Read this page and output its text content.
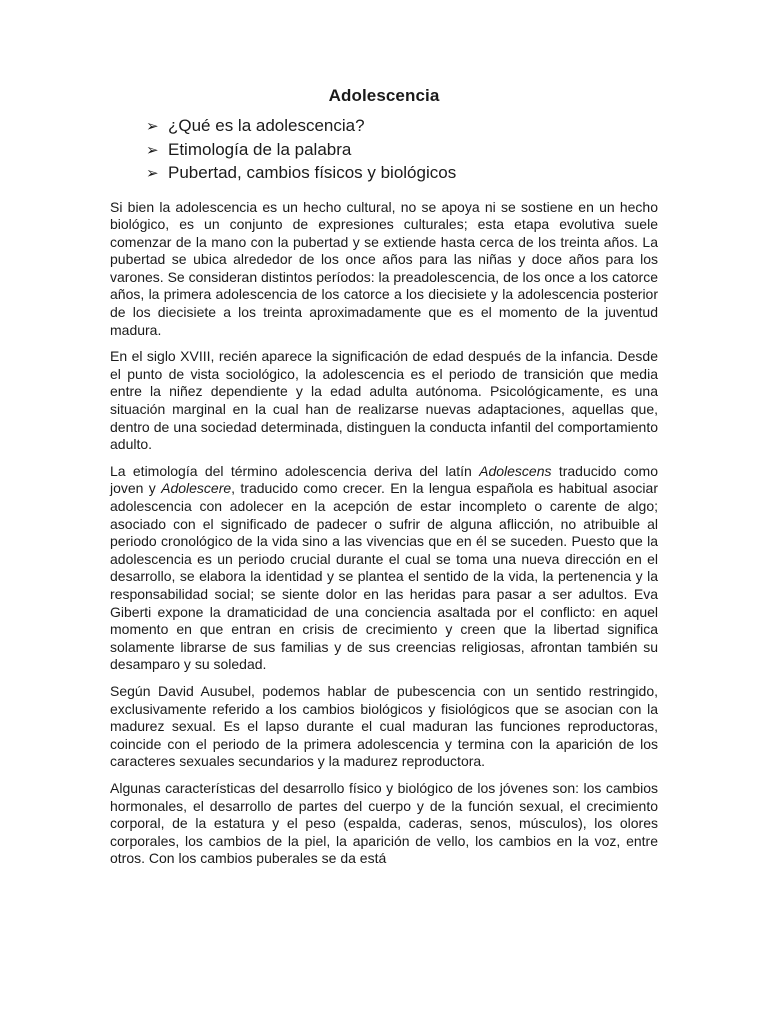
Adolescencia
➢ ¿Qué es la adolescencia?
➢ Etimología de la palabra
➢ Pubertad, cambios físicos y biológicos

Si bien la adolescencia es un hecho cultural, no se apoya ni se sostiene en un hecho biológico, es un conjunto de expresiones culturales; esta etapa evolutiva suele comenzar de la mano con la pubertad y se extiende hasta cerca de los treinta años. La pubertad se ubica alrededor de los once años para las niñas y doce años para los varones. Se consideran distintos períodos: la preadolescencia, de los once a los catorce años, la primera adolescencia de los catorce a los diecisiete y la adolescencia posterior de los diecisiete a los treinta aproximadamente que es el momento de la juventud madura.

En el siglo XVIII, recién aparece la significación de edad después de la infancia. Desde el punto de vista sociológico, la adolescencia es el periodo de transición que media entre la niñez dependiente y la edad adulta autónoma. Psicológicamente, es una situación marginal en la cual han de realizarse nuevas adaptaciones, aquellas que, dentro de una sociedad determinada, distinguen la conducta infantil del comportamiento adulto.

La etimología del término adolescencia deriva del latín Adolescens traducido como joven y Adolescere, traducido como crecer. En la lengua española es habitual asociar adolescencia con adolecer en la acepción de estar incompleto o carente de algo; asociado con el significado de padecer o sufrir de alguna aflicción, no atribuible al periodo cronológico de la vida sino a las vivencias que en él se suceden. Puesto que la adolescencia es un periodo crucial durante el cual se toma una nueva dirección en el desarrollo, se elabora la identidad y se plantea el sentido de la vida, la pertenencia y la responsabilidad social; se siente dolor en las heridas para pasar a ser adultos. Eva Giberti expone la dramaticidad de una conciencia asaltada por el conflicto: en aquel momento en que entran en crisis de crecimiento y creen que la libertad significa solamente librarse de sus familias y de sus creencias religiosas, afrontan también su desamparo y su soledad.

Según David Ausubel, podemos hablar de pubescencia con un sentido restringido, exclusivamente referido a los cambios biológicos y fisiológicos que se asocian con la madurez sexual. Es el lapso durante el cual maduran las funciones reproductoras, coincide con el periodo de la primera adolescencia y termina con la aparición de los caracteres sexuales secundarios y la madurez reproductora.

Algunas características del desarrollo físico y biológico de los jóvenes son: los cambios hormonales, el desarrollo de partes del cuerpo y de la función sexual, el crecimiento corporal, de la estatura y el peso (espalda, caderas, senos, músculos), los olores corporales, los cambios de la piel, la aparición de vello, los cambios en la voz, entre otros. Con los cambios puberales se da está
